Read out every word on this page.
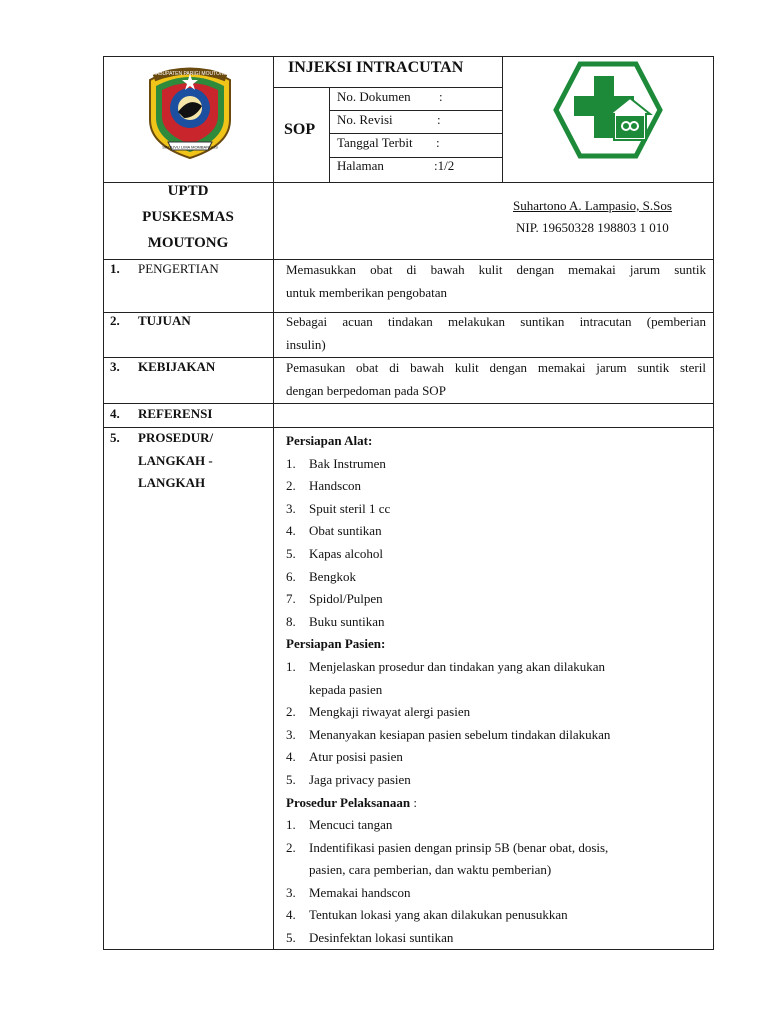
KABUPATEN PARIGI MOUTONG
SINTUVU LIMA MOMBANGUS
INJEKSI INTRACUTAN
SOP
No. Dokumen :
No. Revisi	:
Tanggal Terbit :
Halaman	:1/2
UPTD
PUSKESMAS
MOUTONG
Suhartono A. Lampasio, S.Sos
NIP. 19650328 198803 1 010
1. PENGERTIAN	Memasukkan obat di bawah kulit dengan memakai jarum suntik
untuk memberikan pengobatan
2. TUJUAN	Sebagai acuan tindakan melakukan suntikan intracutan (pemberian
insulin)
3. KEBIJAKAN	Pemasukan obat di bawah kulit dengan memakai jarum suntik steril
dengan berpedoman pada SOP
4. REFERENSI
5. PROSEDUR/
LANGKAH -
LANGKAH
Persiapan Alat:
1. Bak Instrumen
2. Handscon
3. Spuit steril 1 cc
4. Obat suntikan
5. Kapas alcohol
6. Bengkok
7. Spidol/Pulpen
8. Buku suntikan
Persiapan Pasien:
1. Menjelaskan prosedur dan tindakan yang akan dilakukan
kepada pasien
2. Mengkaji riwayat alergi pasien
3. Menanyakan kesiapan pasien sebelum tindakan dilakukan
4. Atur posisi pasien
5. Jaga privacy pasien
Prosedur Pelaksanaan :
1. Mencuci tangan
2. Indentifikasi pasien dengan prinsip 5B (benar obat, dosis,
pasien, cara pemberian, dan waktu pemberian)
3. Memakai handscon
4. Tentukan lokasi yang akan dilakukan penusukkan
5. Desinfektan lokasi suntikan
